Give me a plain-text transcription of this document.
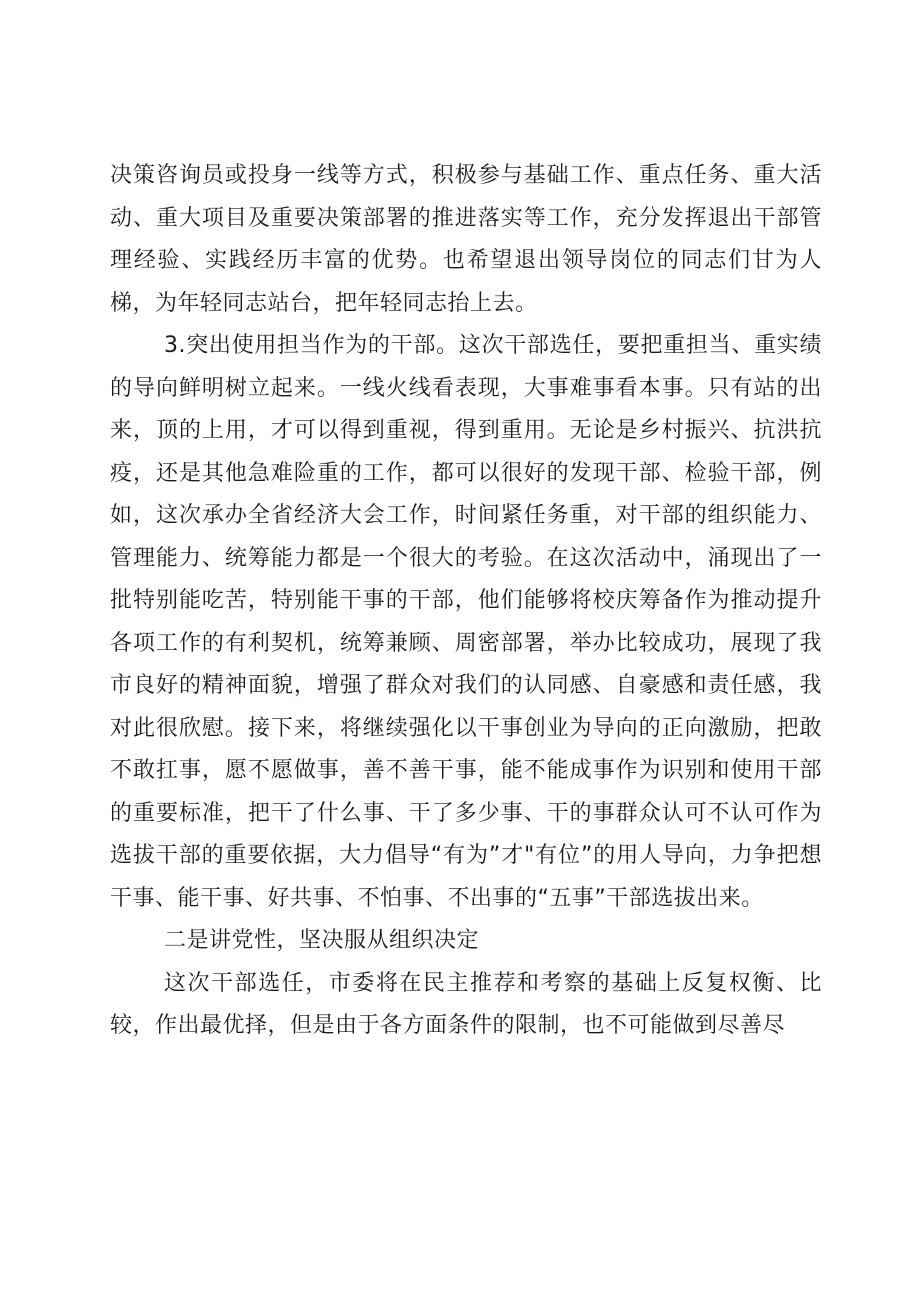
决策咨询员或投身一线等方式，积极参与基础工作、重点任务、重大活动、重大项目及重要决策部署的推进落实等工作，充分发挥退出干部管理经验、实践经历丰富的优势。也希望退出领导岗位的同志们甘为人梯，为年轻同志站台，把年轻同志抬上去。

3.突出使用担当作为的干部。这次干部选任，要把重担当、重实绩的导向鲜明树立起来。一线火线看表现，大事难事看本事。只有站的出来，顶的上用，才可以得到重视，得到重用。无论是乡村振兴、抗洪抗疫，还是其他急难险重的工作，都可以很好的发现干部、检验干部，例如，这次承办全省经济大会工作，时间紧任务重，对干部的组织能力、管理能力、统筹能力都是一个很大的考验。在这次活动中，涌现出了一批特别能吃苦，特别能干事的干部，他们能够将校庆筹备作为推动提升各项工作的有利契机，统筹兼顾、周密部署，举办比较成功，展现了我市良好的精神面貌，增强了群众对我们的认同感、自豪感和责任感，我对此很欣慰。接下来，将继续强化以干事创业为导向的正向激励，把敢不敢扛事，愿不愿做事，善不善干事，能不能成事作为识别和使用干部的重要标准，把干了什么事、干了多少事、干的事群众认可不认可作为选拔干部的重要依据，大力倡导“有为”才"有位”的用人导向，力争把想干事、能干事、好共事、不怕事、不出事的“五事”干部选拔出来。

二是讲党性，坚决服从组织决定

这次干部选任，市委将在民主推荐和考察的基础上反复权衡、比较，作出最优择，但是由于各方面条件的限制，也不可能做到尽善尽
